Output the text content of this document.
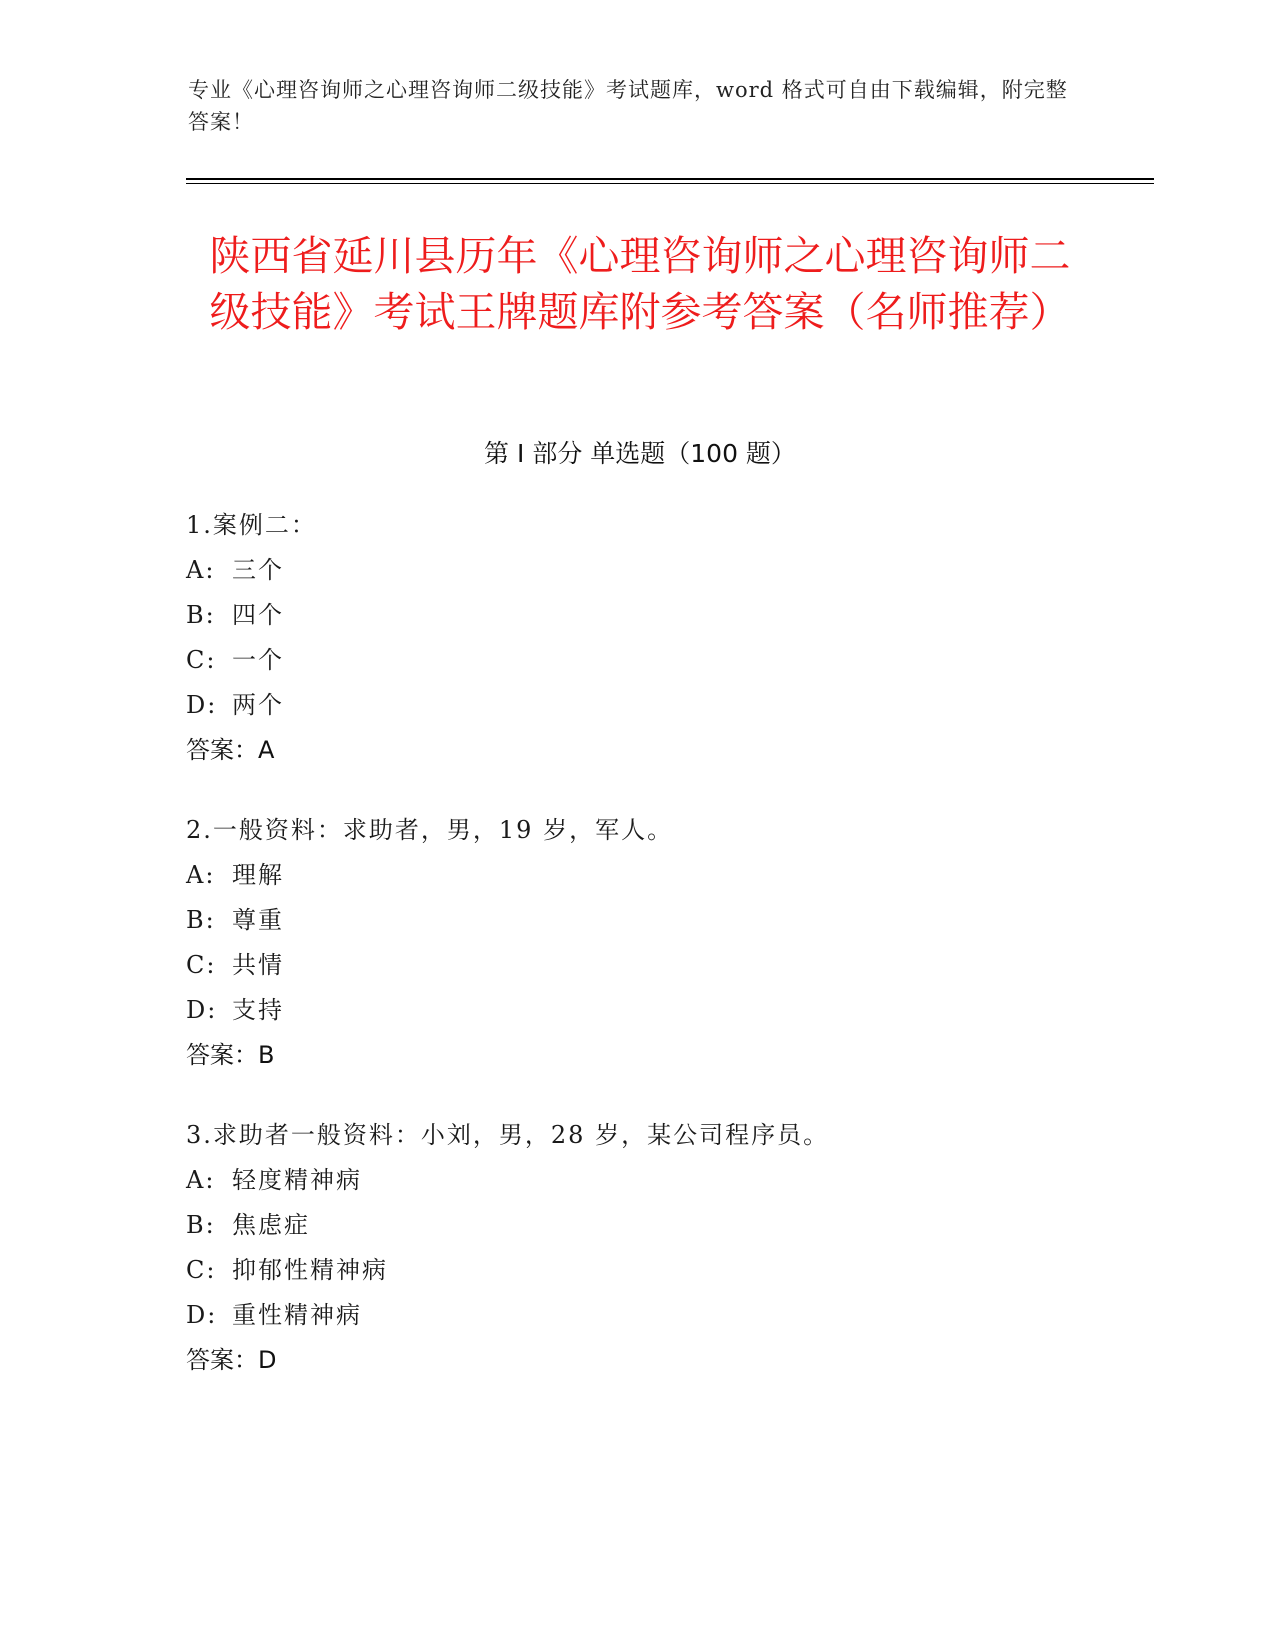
专业《心理咨询师之心理咨询师二级技能》考试题库，word 格式可自由下载编辑，附完整答案！
陕西省延川县历年《心理咨询师之心理咨询师二级技能》考试王牌题库附参考答案（名师推荐）
第 I 部分 单选题（100 题）
1.案例二：
A: 三个
B: 四个
C: 一个
D: 两个
答案：A
2.一般资料：求助者，男，19 岁，军人。
A: 理解
B: 尊重
C: 共情
D: 支持
答案：B
3.求助者一般资料：小刘，男，28 岁，某公司程序员。
A: 轻度精神病
B: 焦虑症
C: 抑郁性精神病
D: 重性精神病
答案：D
